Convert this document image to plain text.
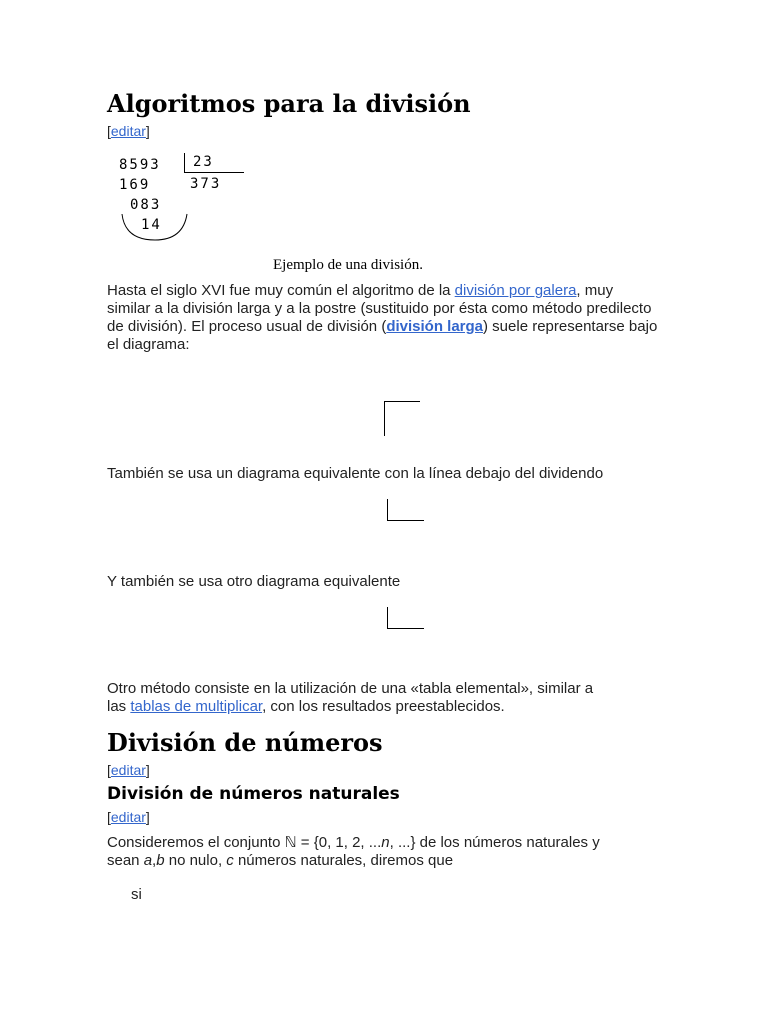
Algoritmos para la división
[editar]
8593 23
169	373
083
14
Ejemplo de una división.
Hasta el siglo XVI fue muy común el algoritmo de la división por galera, muy
similar a la división larga y a la postre (sustituido por ésta como método predilecto
de división). El proceso usual de división (división larga) suele representarse bajo
el diagrama:
También se usa un diagrama equivalente con la línea debajo del dividendo
Y también se usa otro diagrama equivalente
Otro método consiste en la utilización de una «tabla elemental», similar a
las tablas de multiplicar, con los resultados preestablecidos.
División de números
[editar]
División de números naturales
[editar]
Consideremos el conjunto ℕ = {0, 1, 2, ...n, ...} de los números naturales y
sean a,b no nulo, c números naturales, diremos que
si
